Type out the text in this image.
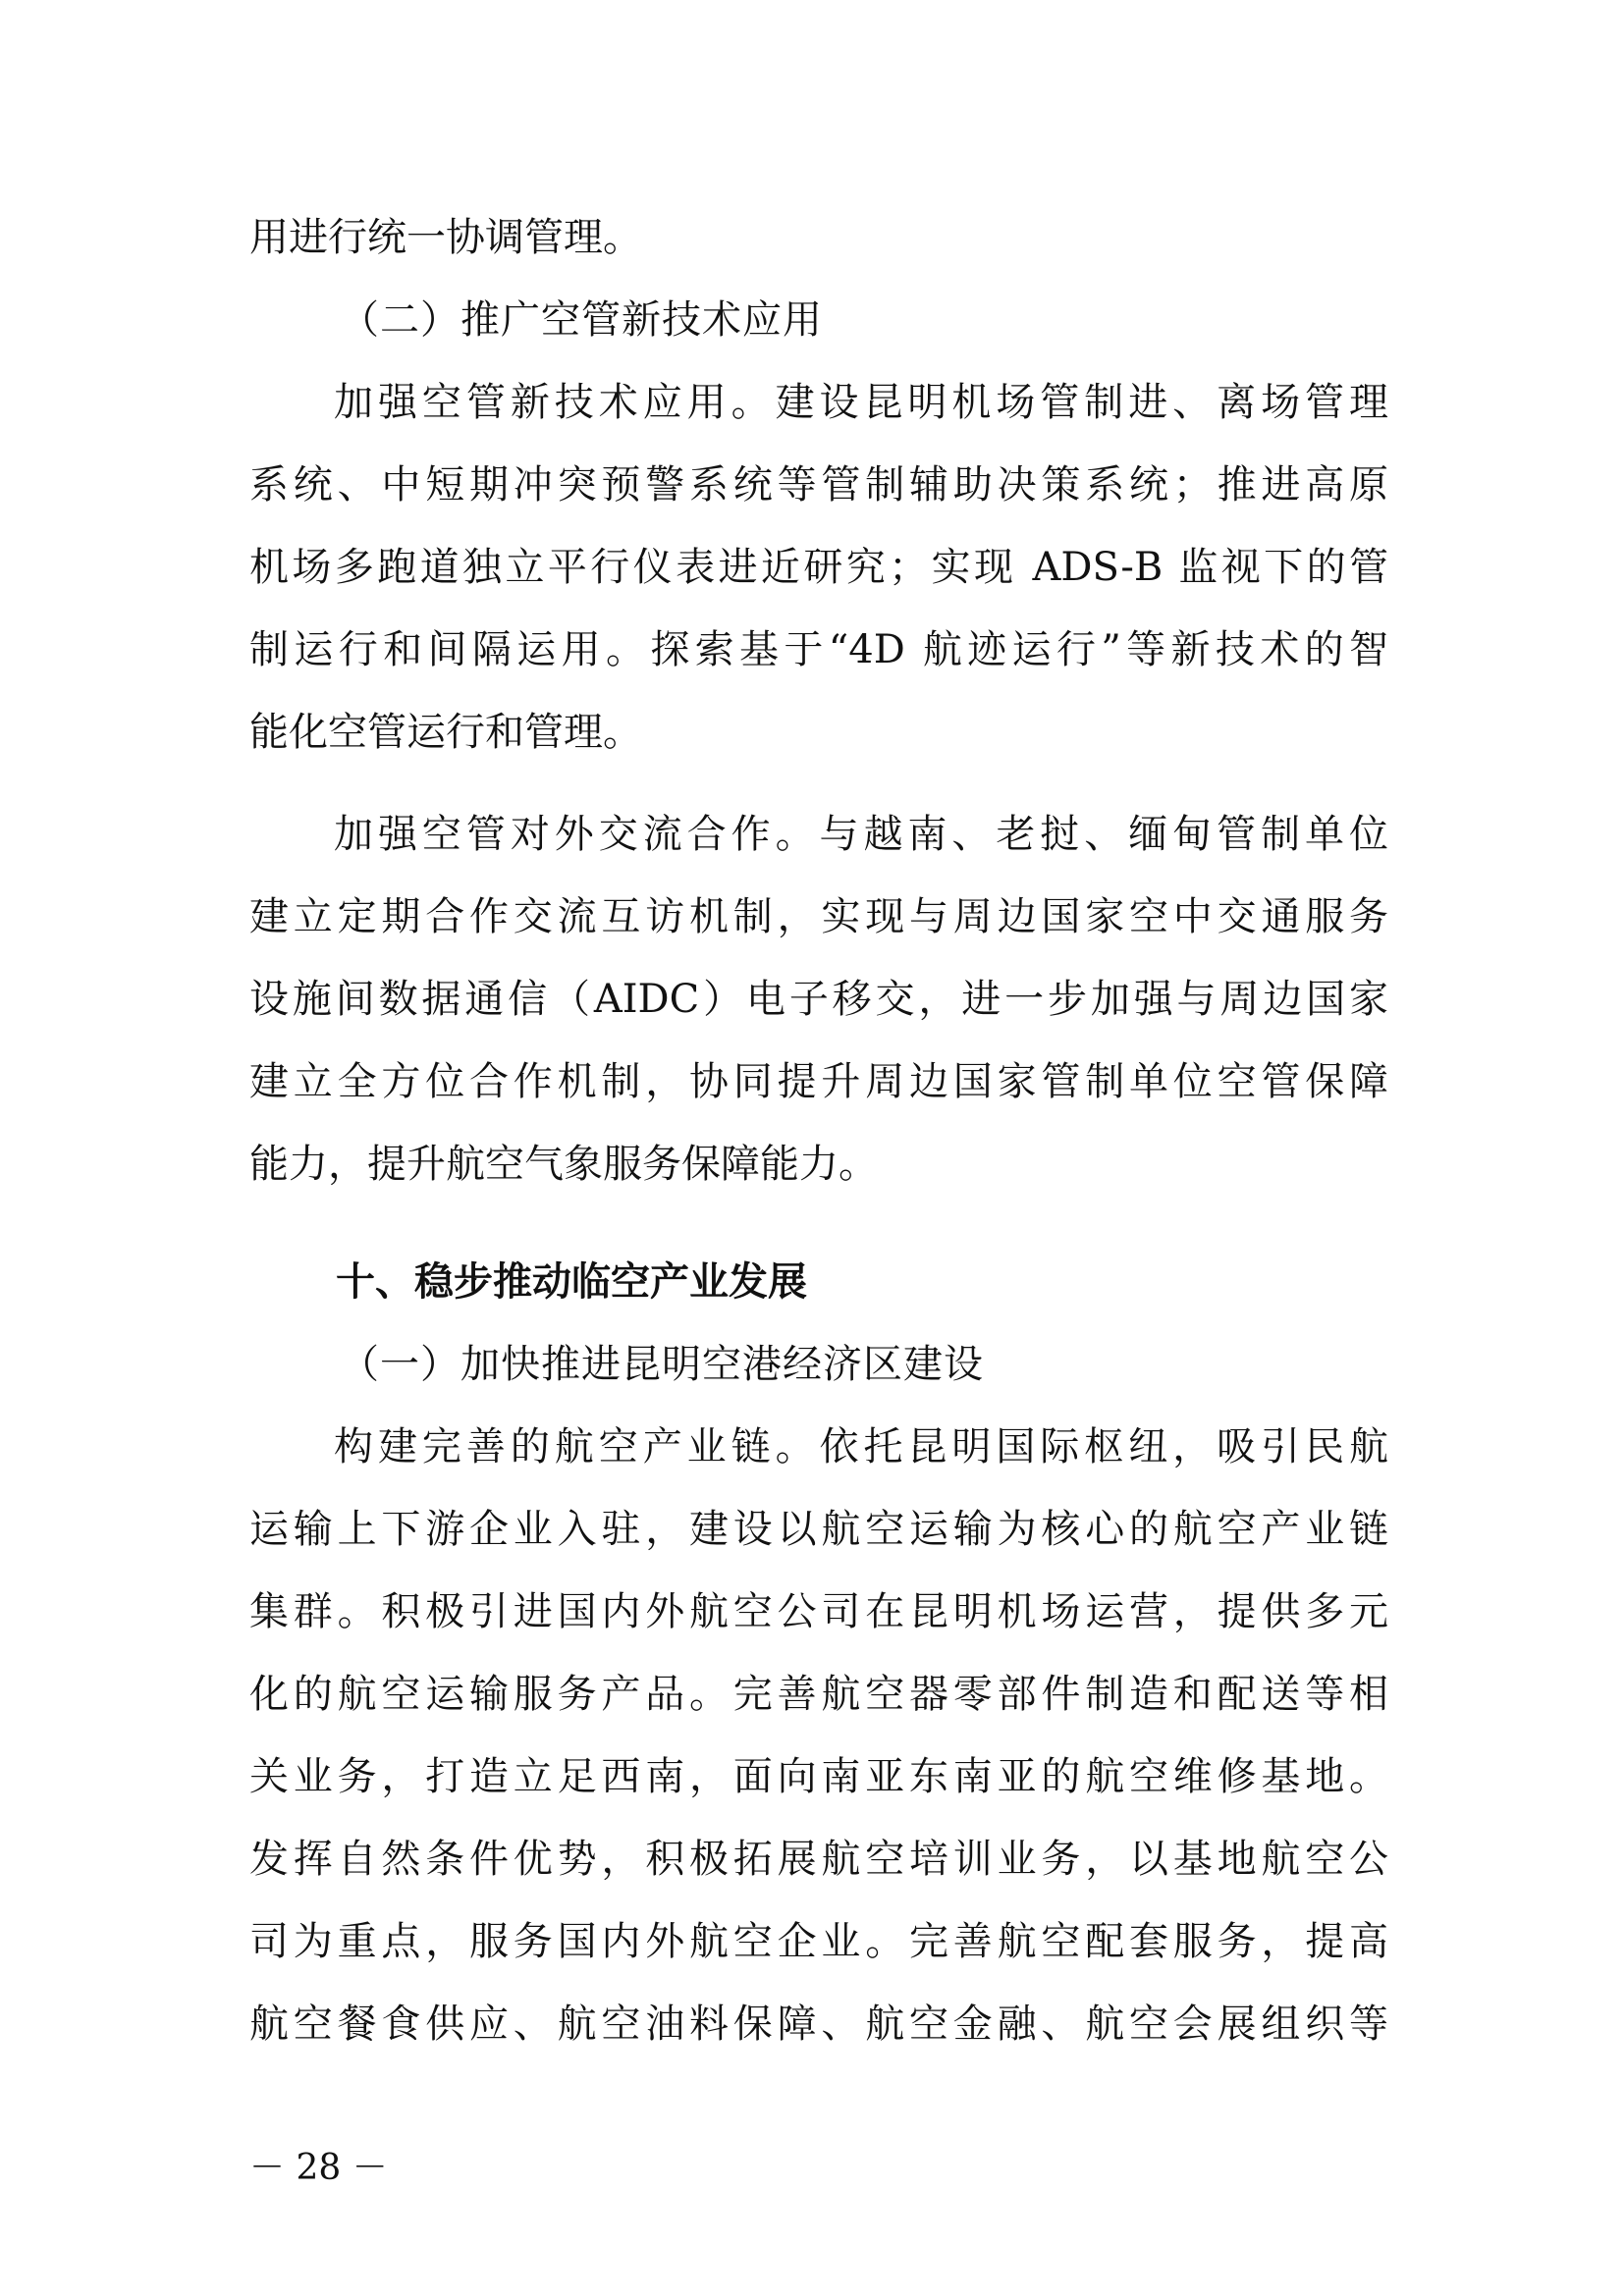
用进行统一协调管理。
（二）推广空管新技术应用
加强空管新技术应用。建设昆明机场管制进、离场管理
系统、中短期冲突预警系统等管制辅助决策系统；推进高原
机场多跑道独立平行仪表进近研究；实现 ADS-B 监视下的管
制运行和间隔运用。探索基于“4D 航迹运行”等新技术的智
能化空管运行和管理。
加强空管对外交流合作。与越南、老挝、缅甸管制单位
建立定期合作交流互访机制，实现与周边国家空中交通服务
设施间数据通信（AIDC）电子移交，进一步加强与周边国家
建立全方位合作机制，协同提升周边国家管制单位空管保障
能力，提升航空气象服务保障能力。
十、稳步推动临空产业发展
（一）加快推进昆明空港经济区建设
构建完善的航空产业链。依托昆明国际枢纽，吸引民航
运输上下游企业入驻，建设以航空运输为核心的航空产业链
集群。积极引进国内外航空公司在昆明机场运营，提供多元
化的航空运输服务产品。完善航空器零部件制造和配送等相
关业务，打造立足西南，面向南亚东南亚的航空维修基地。
发挥自然条件优势，积极拓展航空培训业务，以基地航空公
司为重点，服务国内外航空企业。完善航空配套服务，提高
航空餐食供应、航空油料保障、航空金融、航空会展组织等
－ 28 －
